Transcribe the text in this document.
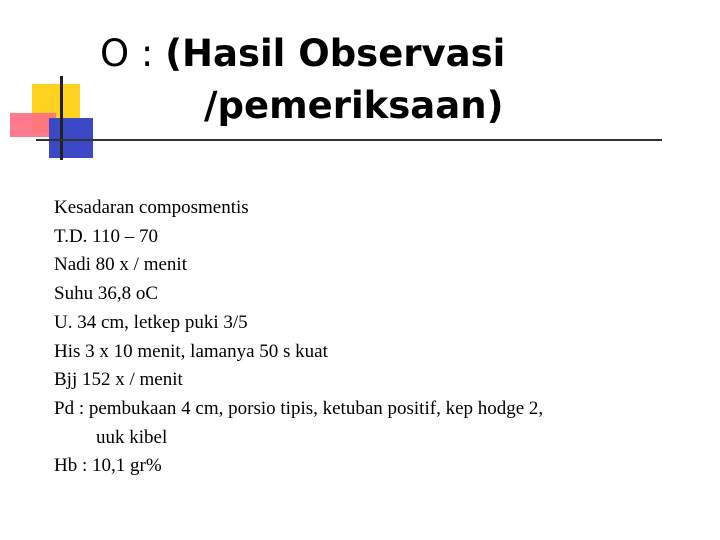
O : (Hasil Observasi
/pemeriksaan)

Kesadaran composmentis

T.D. 110 – 70

Nadi 80 x / menit

Suhu 36,8 oC

U. 34 cm, letkep puki 3/5

His 3 x 10 menit, lamanya 50 s kuat

Bjj 152 x / menit

Pd : pembukaan 4 cm, porsio tipis, ketuban positif, kep hodge 2,

uuk kibel

Hb : 10,1 gr%
